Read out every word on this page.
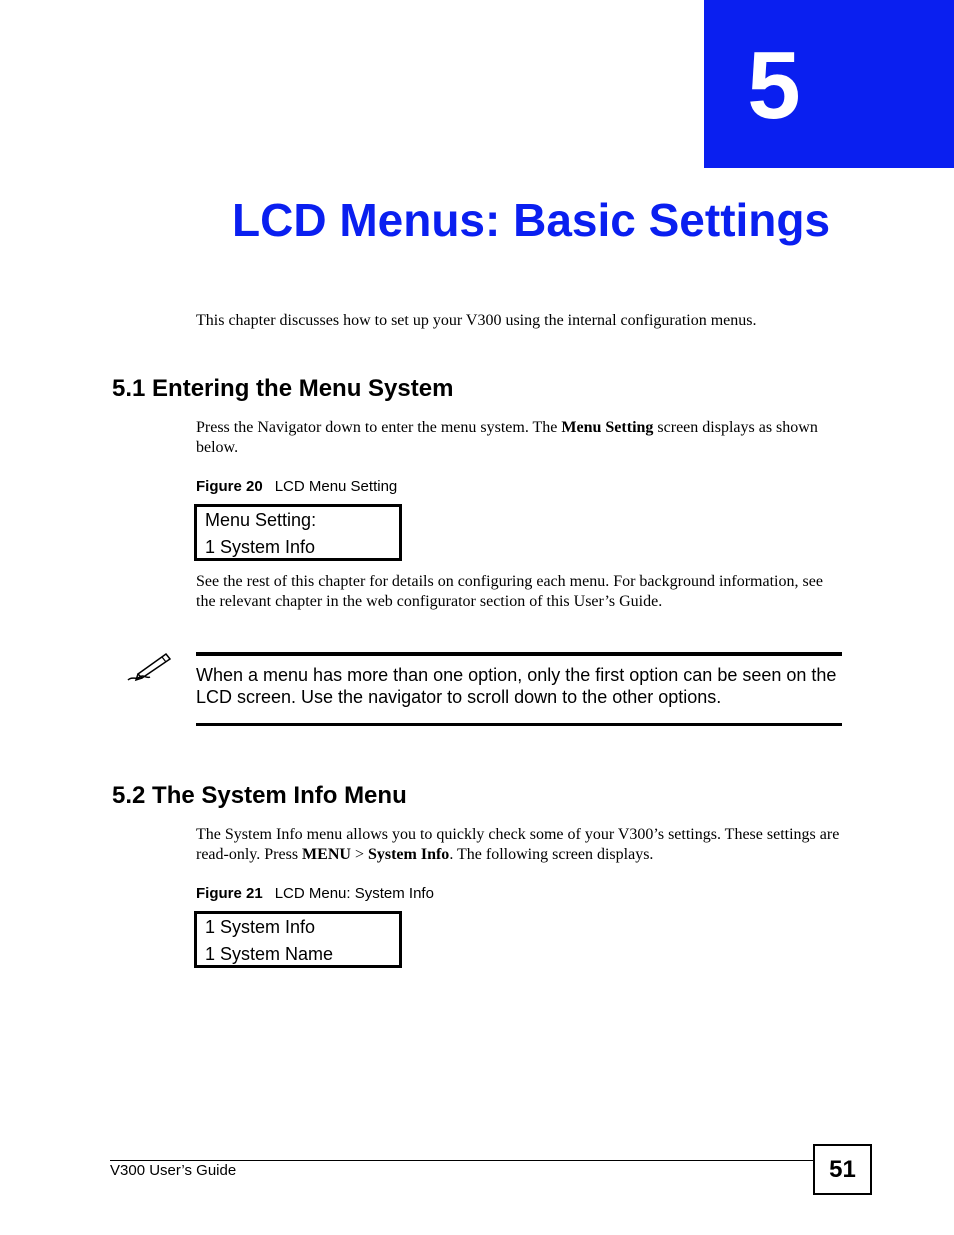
5
LCD Menus: Basic Settings
This chapter discusses how to set up your V300 using the internal configuration menus.
5.1 Entering the Menu System
Press the Navigator down to enter the menu system. The Menu Setting screen displays as shown below.
Figure 20 LCD Menu Setting
Menu Setting:
1 System Info
See the rest of this chapter for details on configuring each menu. For background information, see the relevant chapter in the web configurator section of this User’s Guide.
When a menu has more than one option, only the first option can be seen on the LCD screen. Use the navigator to scroll down to the other options.
5.2 The System Info Menu
The System Info menu allows you to quickly check some of your V300’s settings. These settings are read-only. Press MENU > System Info. The following screen displays.
Figure 21 LCD Menu: System Info
1 System Info
1 System Name
V300 User’s Guide	51
